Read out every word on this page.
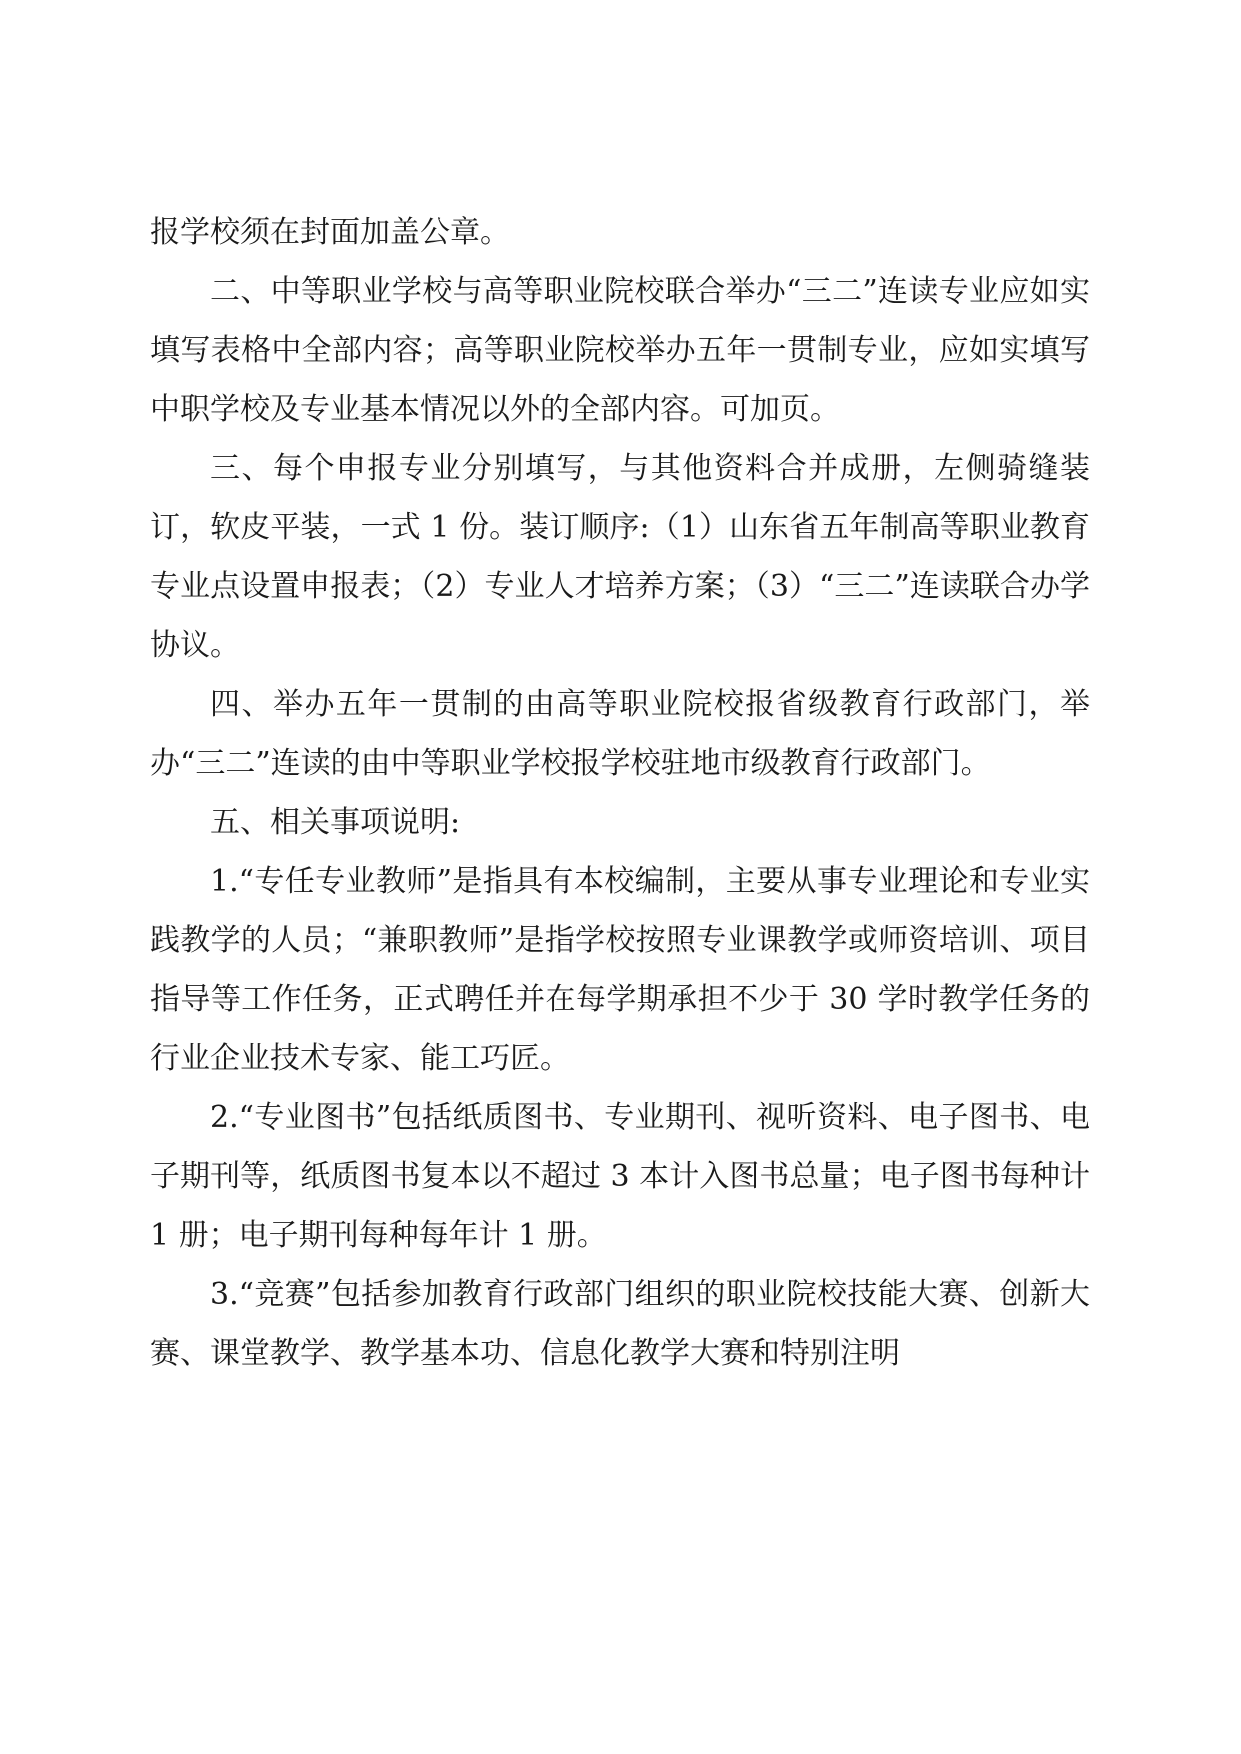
报学校须在封面加盖公章。

二、中等职业学校与高等职业院校联合举办“三二”连读专业应如实填写表格中全部内容；高等职业院校举办五年一贯制专业，应如实填写中职学校及专业基本情况以外的全部内容。可加页。

三、每个申报专业分别填写，与其他资料合并成册，左侧骑缝装订，软皮平装，一式 1 份。装订顺序:（1）山东省五年制高等职业教育专业点设置申报表；（2）专业人才培养方案；（3）“三二”连读联合办学协议。

四、举办五年一贯制的由高等职业院校报省级教育行政部门，举办“三二”连读的由中等职业学校报学校驻地市级教育行政部门。

五、相关事项说明:

1.“专任专业教师”是指具有本校编制，主要从事专业理论和专业实践教学的人员；“兼职教师”是指学校按照专业课教学或师资培训、项目指导等工作任务，正式聘任并在每学期承担不少于 30 学时教学任务的行业企业技术专家、能工巧匠。

2.“专业图书”包括纸质图书、专业期刊、视听资料、电子图书、电子期刊等，纸质图书复本以不超过 3 本计入图书总量；电子图书每种计 1 册；电子期刊每种每年计 1 册。

3.“竞赛”包括参加教育行政部门组织的职业院校技能大赛、创新大赛、课堂教学、教学基本功、信息化教学大赛和特别注明
